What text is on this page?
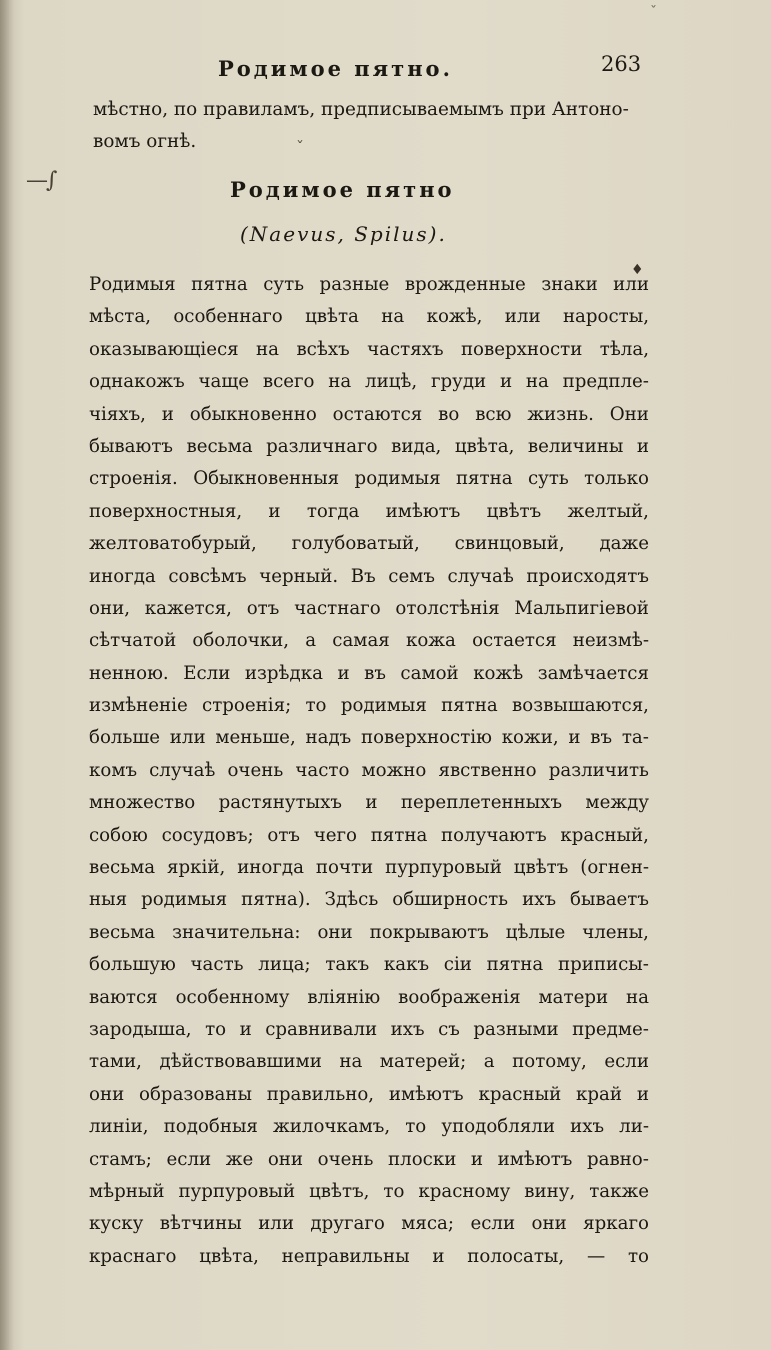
ˇ
Родимое пятно.	263
мѣстно, по правиламъ, предписываемымъ при Антоно-
вомъ огнѣ.	ˇ
—∫	Родимое пятно
(Naevus, Spilus).
♦
Родимыя пятна суть разные врожденные знаки или
мѣста, особеннаго цвѣта на кожѣ, или наросты,
оказывающіеся на всѣхъ частяхъ поверхности тѣла,
однакожъ чаще всего на лицѣ, груди и на предпле-
чіяхъ, и обыкновенно остаются во всю жизнь. Они
бываютъ весьма различнаго вида, цвѣта, величины и
строенія. Обыкновенныя родимыя пятна суть только
поверхностныя, и тогда имѣютъ цвѣтъ желтый,
желтоватобурый, голубоватый, свинцовый, даже
иногда совсѣмъ черный. Въ семъ случаѣ происходятъ
они, кажется, отъ частнаго отолстѣнія Мальпигіевой
сѣтчатой оболочки, а самая кожа остается неизмѣ-
ненною. Если изрѣдка и въ самой кожѣ замѣчается
измѣненіе строенія; то родимыя пятна возвышаются,
больше или меньше, надъ поверхностію кожи, и въ та-
комъ случаѣ очень часто можно явственно различить
множество растянутыхъ и переплетенныхъ между
собою сосудовъ; отъ чего пятна получаютъ красный,
весьма яркій, иногда почти пурпуровый цвѣтъ (огнен-
ныя родимыя пятна). Здѣсь обширность ихъ бываетъ
весьма значительна: они покрываютъ цѣлые члены,
большую часть лица; такъ какъ сіи пятна приписы-
ваются особенному вліянію воображенія матери на
зародыша, то и сравнивали ихъ съ разными предме-
тами, дѣйствовавшими на матерей; а потому, если
они образованы правильно, имѣютъ красный край и
линіи, подобныя жилочкамъ, то уподобляли ихъ ли-
стамъ; если же они очень плоски и имѣютъ равно-
мѣрный пурпуровый цвѣтъ, то красному вину, также
куску вѣтчины или другаго мяса; если они яркаго
краснаго цвѣта, неправильны и полосаты, — то
